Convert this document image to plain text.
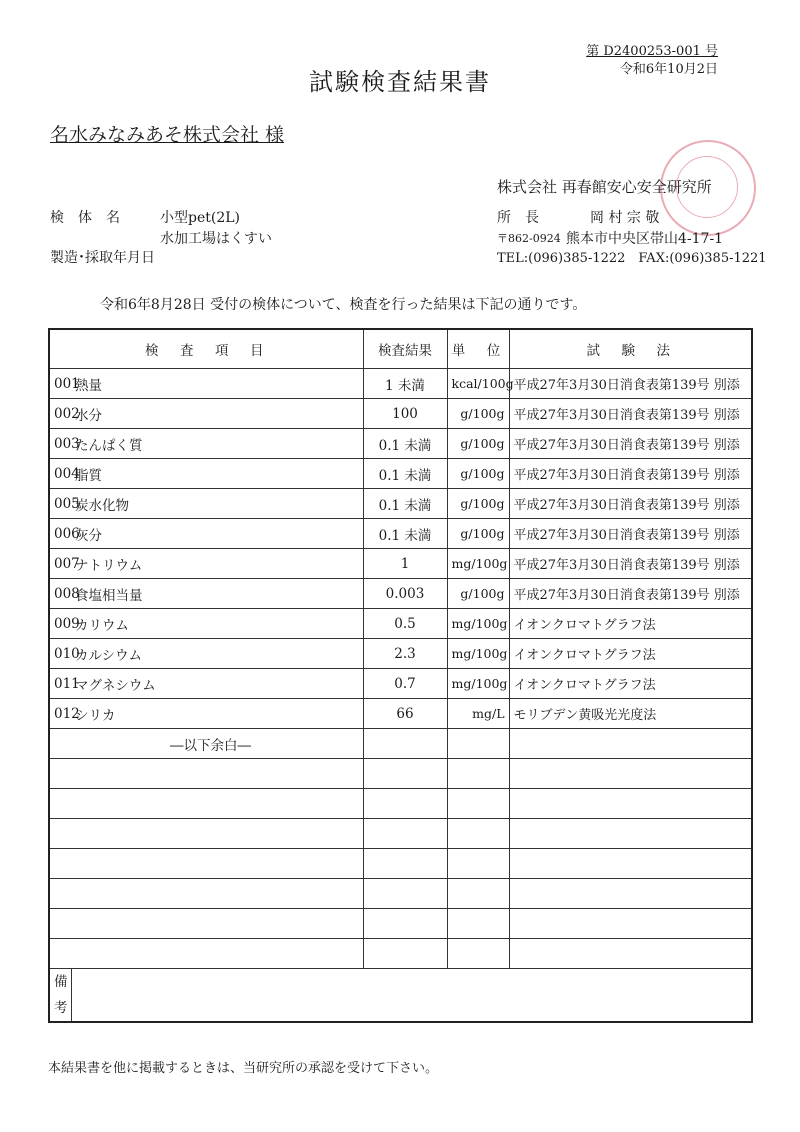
第 D2400253-001 号
令和6年10月2日
試験検査結果書
名水みなみあそ株式会社 様
株式会社 再春館安心安全研究所
所　長	岡 村 宗 敬
〒862-0924 熊本市中央区帯山4-17-1
TEL:(096)385-1222　FAX:(096)385-1221
検　体　名	小型pet(2L)
水加工場はくすい
製造･採取年月日
令和6年8月28日 受付の検体について、検査を行った結果は下記の通りです。
検　査　項　目		検査結果	単　位	試　験　法
001	熱量	1 未満	kcal/100g	平成27年3月30日消食表第139号 別添
002	水分	100	g/100g	平成27年3月30日消食表第139号 別添
003	たんぱく質	0.1 未満	g/100g	平成27年3月30日消食表第139号 別添
004	脂質	0.1 未満	g/100g	平成27年3月30日消食表第139号 別添
005	炭水化物	0.1 未満	g/100g	平成27年3月30日消食表第139号 別添
006	灰分	0.1 未満	g/100g	平成27年3月30日消食表第139号 別添
007	ナトリウム	1	mg/100g	平成27年3月30日消食表第139号 別添
008	食塩相当量	0.003	g/100g	平成27年3月30日消食表第139号 別添
009	カリウム	0.5	mg/100g	イオンクロマトグラフ法
010	カルシウム	2.3	mg/100g	イオンクロマトグラフ法
011	マグネシウム	0.7	mg/100g	イオンクロマトグラフ法
012	シリカ	66	mg/L	モリブデン黄吸光光度法
―以下余白―				

備
考				
本結果書を他に掲載するときは、当研究所の承認を受けて下さい。
